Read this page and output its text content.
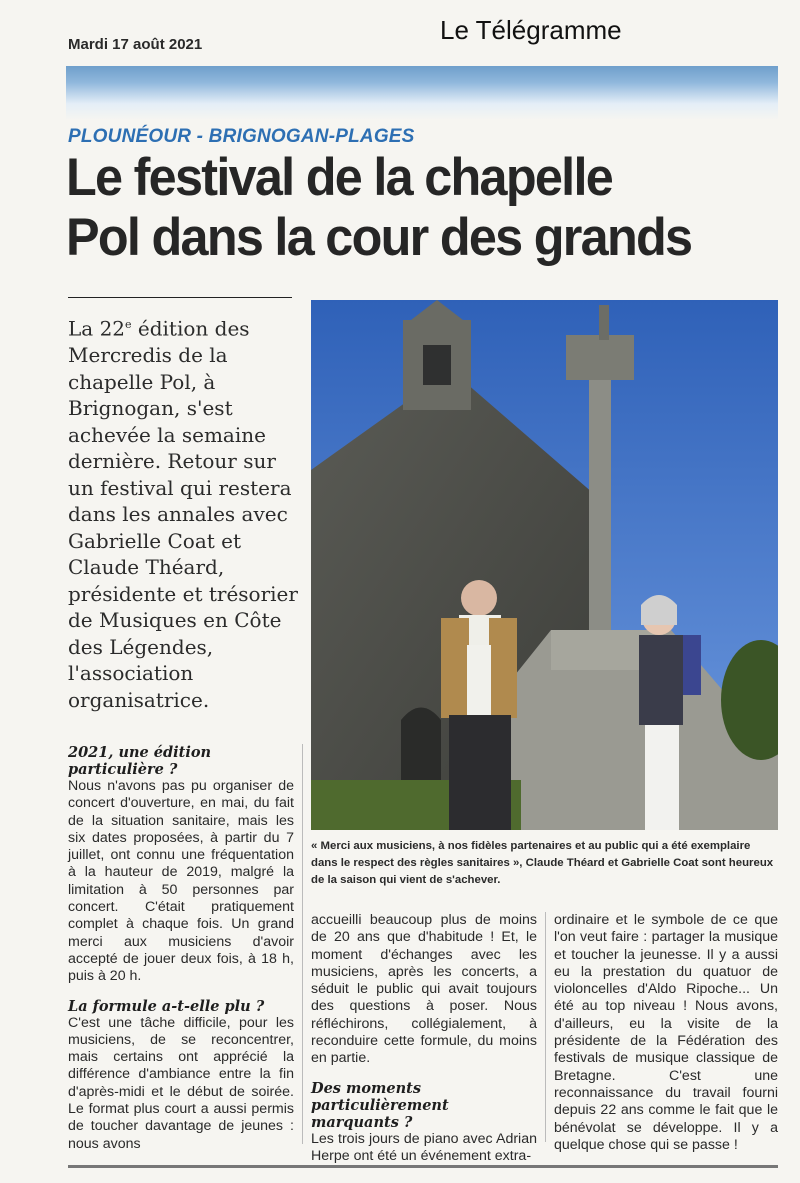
Mardi 17 août 2021	Le Télégramme
PLOUNÉOUR - BRIGNOGAN-PLAGES
Le festival de la chapelle
Pol dans la cour des grands
La 22e édition des Mercredis de la chapelle Pol, à Brignogan, s'est achevée la semaine dernière. Retour sur un festival qui restera dans les annales avec Gabrielle Coat et Claude Théard, présidente et trésorier de Musiques en Côte des Légendes, l'association organisatrice.
2021, une édition particulière ?
Nous n'avons pas pu organiser de concert d'ouverture, en mai, du fait de la situation sanitaire, mais les six dates proposées, à partir du 7 juillet, ont connu une fréquentation à la hauteur de 2019, malgré la limitation à 50 personnes par concert. C'était pratiquement complet à chaque fois. Un grand merci aux musiciens d'avoir accepté de jouer deux fois, à 18 h, puis à 20 h.
La formule a-t-elle plu ?
C'est une tâche difficile, pour les musiciens, de se reconcentrer, mais certains ont apprécié la différence d'ambiance entre la fin d'après-midi et le début de soirée. Le format plus court a aussi permis de toucher davantage de jeunes : nous avons
« Merci aux musiciens, à nos fidèles partenaires et au public qui a été exemplaire dans le respect des règles sanitaires », Claude Théard et Gabrielle Coat sont heureux de la saison qui vient de s'achever.
accueilli beaucoup plus de moins de 20 ans que d'habitude ! Et, le moment d'échanges avec les musiciens, après les concerts, a séduit le public qui avait toujours des questions à poser. Nous réfléchirons, collégialement, à reconduire cette formule, du moins en partie.
Des moments particulièrement marquants ?
Les trois jours de piano avec Adrian Herpe ont été un événement extra-
ordinaire et le symbole de ce que l'on veut faire : partager la musique et toucher la jeunesse. Il y a aussi eu la prestation du quatuor de violoncelles d'Aldo Ripoche... Un été au top niveau ! Nous avons, d'ailleurs, eu la visite de la présidente de la Fédération des festivals de musique classique de Bretagne. C'est une reconnaissance du travail fourni depuis 22 ans comme le fait que le bénévolat se développe. Il y a quelque chose qui se passe !
